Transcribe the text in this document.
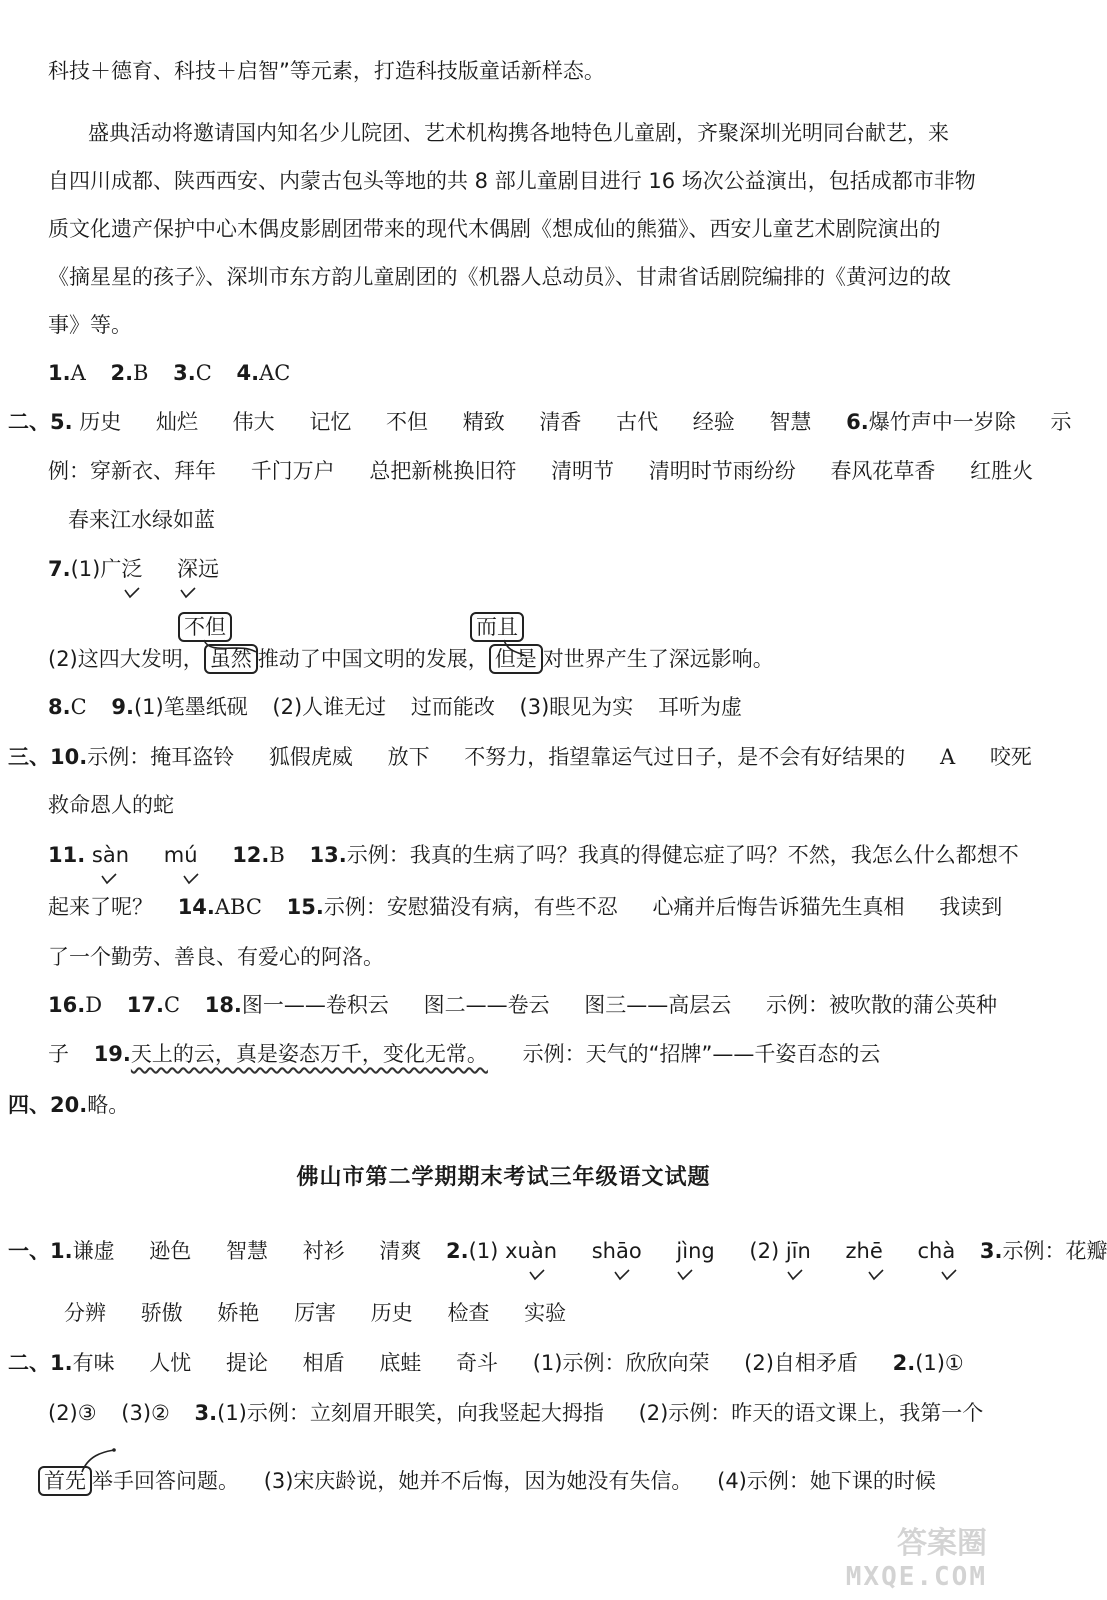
科技＋德育、科技＋启智”等元素，打造科技版童话新样态。
盛典活动将邀请国内知名少儿院团、艺术机构携各地特色儿童剧，齐聚深圳光明同台献艺，来
自四川成都、陕西西安、内蒙古包头等地的共 8 部儿童剧目进行 16 场次公益演出，包括成都市非物
质文化遗产保护中心木偶皮影剧团带来的现代木偶剧《想成仙的熊猫》、西安儿童艺术剧院演出的
《摘星星的孩子》、深圳市东方韵儿童剧团的《机器人总动员》、甘肃省话剧院编排的《黄河边的故
事》等。
1.A 2.B 3.C 4.AC
二、5. 历史 灿烂 伟大 记忆 不但 精致 清香 古代 经验 智慧 6.爆竹声中一岁除 示
例：穿新衣、拜年 千门万户 总把新桃换旧符 清明节 清明时节雨纷纷 春风花草香 红胜火
春来江水绿如蓝
7.(1)广泛 深
远
不但	而且
(2)这四大发明， 虽然 推动了中国文明的发展， 但是 对世界产生了深远影响。
8.C 9.(1)笔墨纸砚 (2)人谁无过 过而能改 (3)眼见为实 耳听为虚
三、10.示例：掩耳盗铃 狐假虎威 放下 不努力，指望靠运气过日子，是不会有好结果的 A 咬死
救命恩人的蛇
11. sà
n mú 12.B 13.示例：我真的生病了吗？我真的得健忘症了吗？不然，我怎么什么都想不
起来了呢？ 14.ABC 15.示例：安慰猫没有病，有些不忍 心痛并后悔告诉猫先生真相 我读到
了一个勤劳、善良、有爱心的阿洛。
16.D 17.C 18.图一——卷积云 图二——卷云 图三——高层云 示例：被吹散的蒲公英种
子 19.天上的云，真是姿态万千，变化无常。 示例：天气的“招牌”——千姿百态的云
四、20.略。
佛山市第二学期期末考试三年级语文试题
一、1.谦虚 逊色 智慧 衬衫 清爽 2.(1) xuà
n shā
o jì
ng (2) jī
n zhē chà 3.示例：花瓣
分辨 骄傲 娇艳 厉害 历史 检查 实验
二、1.有味 人忧 提论 相盾 底蛙 奇斗 (1)示例：欣欣向荣 (2)自相矛盾 2.(1)①
(2)③ (3)② 3.(1)示例：立刻眉开眼笑，向我竖起大拇指 (2)示例：昨天的语文课上，我第一个
首先 举手回答问题。 (3)宋庆龄说，她并不后悔，因为她没有失信。 (4)示例：她下课的时候
答案圈
MXQE.COM
